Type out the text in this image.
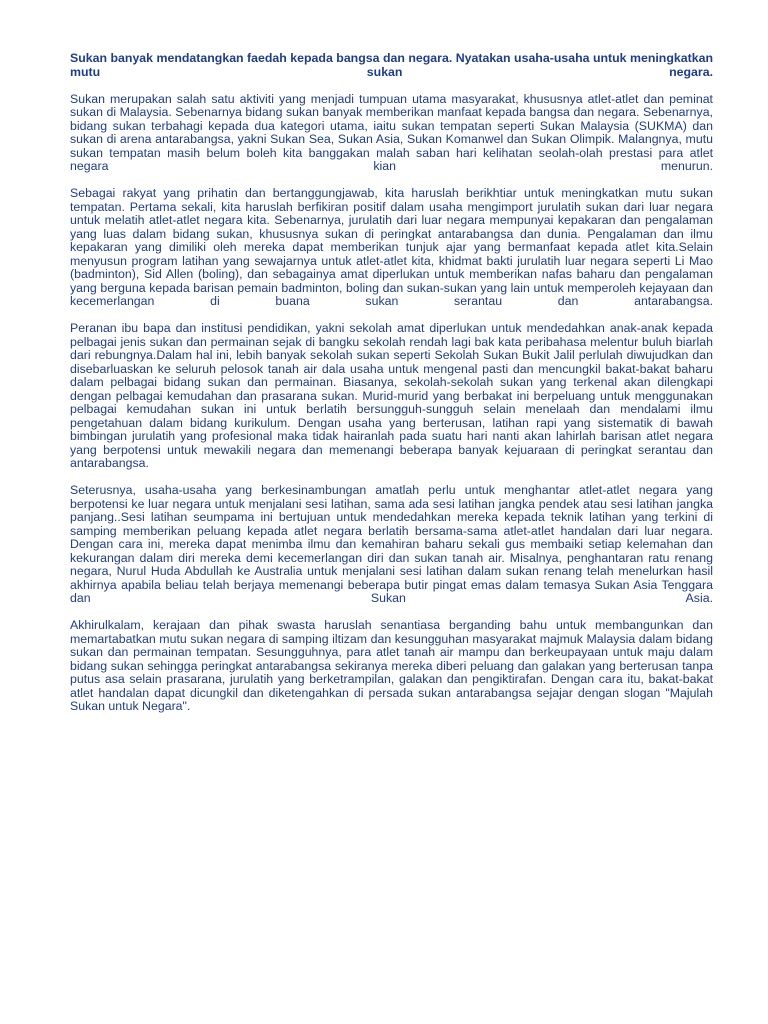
Sukan banyak mendatangkan faedah kepada bangsa dan negara. Nyatakan usaha-usaha untuk meningkatkan mutu sukan negara.

Sukan merupakan salah satu aktiviti yang menjadi tumpuan utama masyarakat, khususnya atlet-atlet dan peminat sukan di Malaysia. Sebenarnya bidang sukan banyak memberikan manfaat kepada bangsa dan negara. Sebenarnya, bidang sukan terbahagi kepada dua kategori utama, iaitu sukan tempatan seperti Sukan Malaysia (SUKMA) dan sukan di arena antarabangsa, yakni Sukan Sea, Sukan Asia, Sukan Komanwel dan Sukan Olimpik. Malangnya, mutu sukan tempatan masih belum boleh kita banggakan malah saban hari kelihatan seolah-olah prestasi para atlet negara kian menurun.

Sebagai rakyat yang prihatin dan bertanggungjawab, kita haruslah berikhtiar untuk meningkatkan mutu sukan tempatan. Pertama sekali, kita haruslah berfikiran positif dalam usaha mengimport jurulatih sukan dari luar negara untuk melatih atlet-atlet negara kita. Sebenarnya, jurulatih dari luar negara mempunyai kepakaran dan pengalaman yang luas dalam bidang sukan, khususnya sukan di peringkat antarabangsa dan dunia. Pengalaman dan ilmu kepakaran yang dimiliki oleh mereka dapat memberikan tunjuk ajar yang bermanfaat kepada atlet kita.Selain menyusun program latihan yang sewajarnya untuk atlet-atlet kita, khidmat bakti jurulatih luar negara seperti Li Mao (badminton), Sid Allen (boling), dan sebagainya amat diperlukan untuk memberikan nafas baharu dan pengalaman yang berguna kepada barisan pemain badminton, boling dan sukan-sukan yang lain untuk memperoleh kejayaan dan kecemerlangan di buana sukan serantau dan antarabangsa.

Peranan ibu bapa dan institusi pendidikan, yakni sekolah amat diperlukan untuk mendedahkan anak-anak kepada pelbagai jenis sukan dan permainan sejak di bangku sekolah rendah lagi bak kata peribahasa melentur buluh biarlah dari rebungnya.Dalam hal ini, lebih banyak sekolah sukan seperti Sekolah Sukan Bukit Jalil perlulah diwujudkan dan disebarluaskan ke seluruh pelosok tanah air dala usaha untuk mengenal pasti dan mencungkil bakat-bakat baharu dalam pelbagai bidang sukan dan permainan. Biasanya, sekolah-sekolah sukan yang terkenal akan dilengkapi dengan pelbagai kemudahan dan prasarana sukan. Murid-murid yang berbakat ini berpeluang untuk menggunakan pelbagai kemudahan sukan ini untuk berlatih bersungguh-sungguh selain menelaah dan mendalami ilmu pengetahuan dalam bidang kurikulum. Dengan usaha yang berterusan, latihan rapi yang sistematik di bawah bimbingan jurulatih yang profesional maka tidak hairanlah pada suatu hari nanti akan lahirlah barisan atlet negara yang berpotensi untuk mewakili negara dan memenangi beberapa banyak kejuaraan di peringkat serantau dan antarabangsa.

Seterusnya, usaha-usaha yang berkesinambungan amatlah perlu untuk menghantar atlet-atlet negara yang berpotensi ke luar negara untuk menjalani sesi latihan, sama ada sesi latihan jangka pendek atau sesi latihan jangka panjang..Sesi latihan seumpama ini bertujuan untuk mendedahkan mereka kepada teknik latihan yang terkini di samping memberikan peluang kepada atlet negara berlatih bersama-sama atlet-atlet handalan dari luar negara. Dengan cara ini, mereka dapat menimba ilmu dan kemahiran baharu sekali gus membaiki setiap kelemahan dan kekurangan dalam diri mereka demi kecemerlangan diri dan sukan tanah air. Misalnya, penghantaran ratu renang negara, Nurul Huda Abdullah ke Australia untuk menjalani sesi latihan dalam sukan renang telah menelurkan hasil akhirnya apabila beliau telah berjaya memenangi beberapa butir pingat emas dalam temasya Sukan Asia Tenggara dan Sukan Asia.

Akhirulkalam, kerajaan dan pihak swasta haruslah senantiasa berganding bahu untuk membangunkan dan memartabatkan mutu sukan negara di samping iltizam dan kesungguhan masyarakat majmuk Malaysia dalam bidang sukan dan permainan tempatan. Sesungguhnya, para atlet tanah air mampu dan berkeupayaan untuk maju dalam bidang sukan sehingga peringkat antarabangsa sekiranya mereka diberi peluang dan galakan yang berterusan tanpa putus asa selain prasarana, jurulatih yang berketrampilan, galakan dan pengiktirafan. Dengan cara itu, bakat-bakat atlet handalan dapat dicungkil dan diketengahkan di persada sukan antarabangsa sejajar dengan slogan "Majulah Sukan untuk Negara".
